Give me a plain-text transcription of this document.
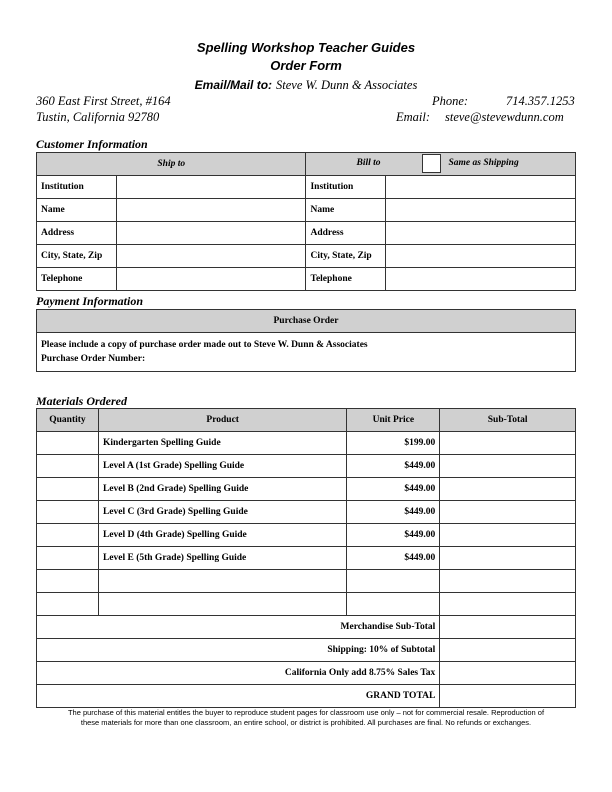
Spelling Workshop Teacher Guides
Order Form
Email/Mail to: Steve W. Dunn & Associates
360 East First Street, #164
Tustin, California 92780
Phone:	714.357.1253
Email: steve@stevewdunn.com
Customer Information
Ship to		Bill to Same as Shipping	

Institution		Institution	
Name		Name	
Address		Address	
City, State, Zip		City, State, Zip	
Telephone		Telephone	
Payment Information
Purchase Order

Please include a copy of purchase order made out to Steve W. Dunn & Associates
Purchase Order Number:
Materials Ordered
Quantity	Product	Unit Price	Sub-Total
	Kindergarten Spelling Guide	$199.00	
	Level A (1st Grade) Spelling Guide	$449.00	
	Level B (2nd Grade) Spelling Guide	$449.00	
	Level C (3rd Grade) Spelling Guide	$449.00	
	Level D (4th Grade) Spelling Guide	$449.00	
	Level E (5th Grade) Spelling Guide	$449.00	

Merchandise Sub-Total			
Shipping: 10% of Subtotal			
California Only add 8.75% Sales Tax			
GRAND TOTAL			
The purchase of this material entitles the buyer to reproduce student pages for classroom use only – not for commercial resale. Reproduction of
these materials for more than one classroom, an entire school, or district is prohibited. All purchases are final. No refunds or exchanges.
